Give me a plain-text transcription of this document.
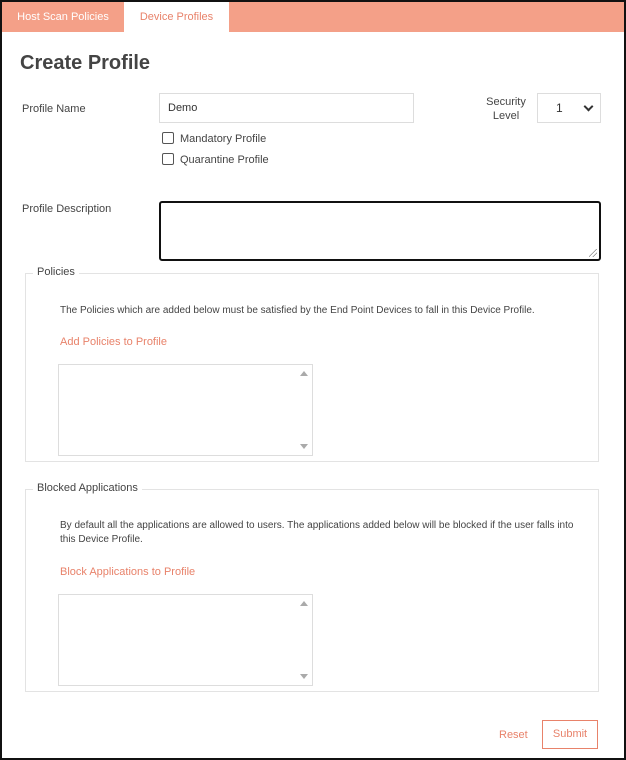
Host Scan Policies	Device Profiles
Create Profile
Profile Name
Demo
Security Level
1
Mandatory Profile
Quarantine Profile
Profile Description
Policies
The Policies which are added below must be satisfied by the End Point Devices to fall in this Device Profile.
Add Policies to Profile
Blocked Applications
By default all the applications are allowed to users. The applications added below will be blocked if the user falls into this Device Profile.
Block Applications to Profile
Reset	Submit
